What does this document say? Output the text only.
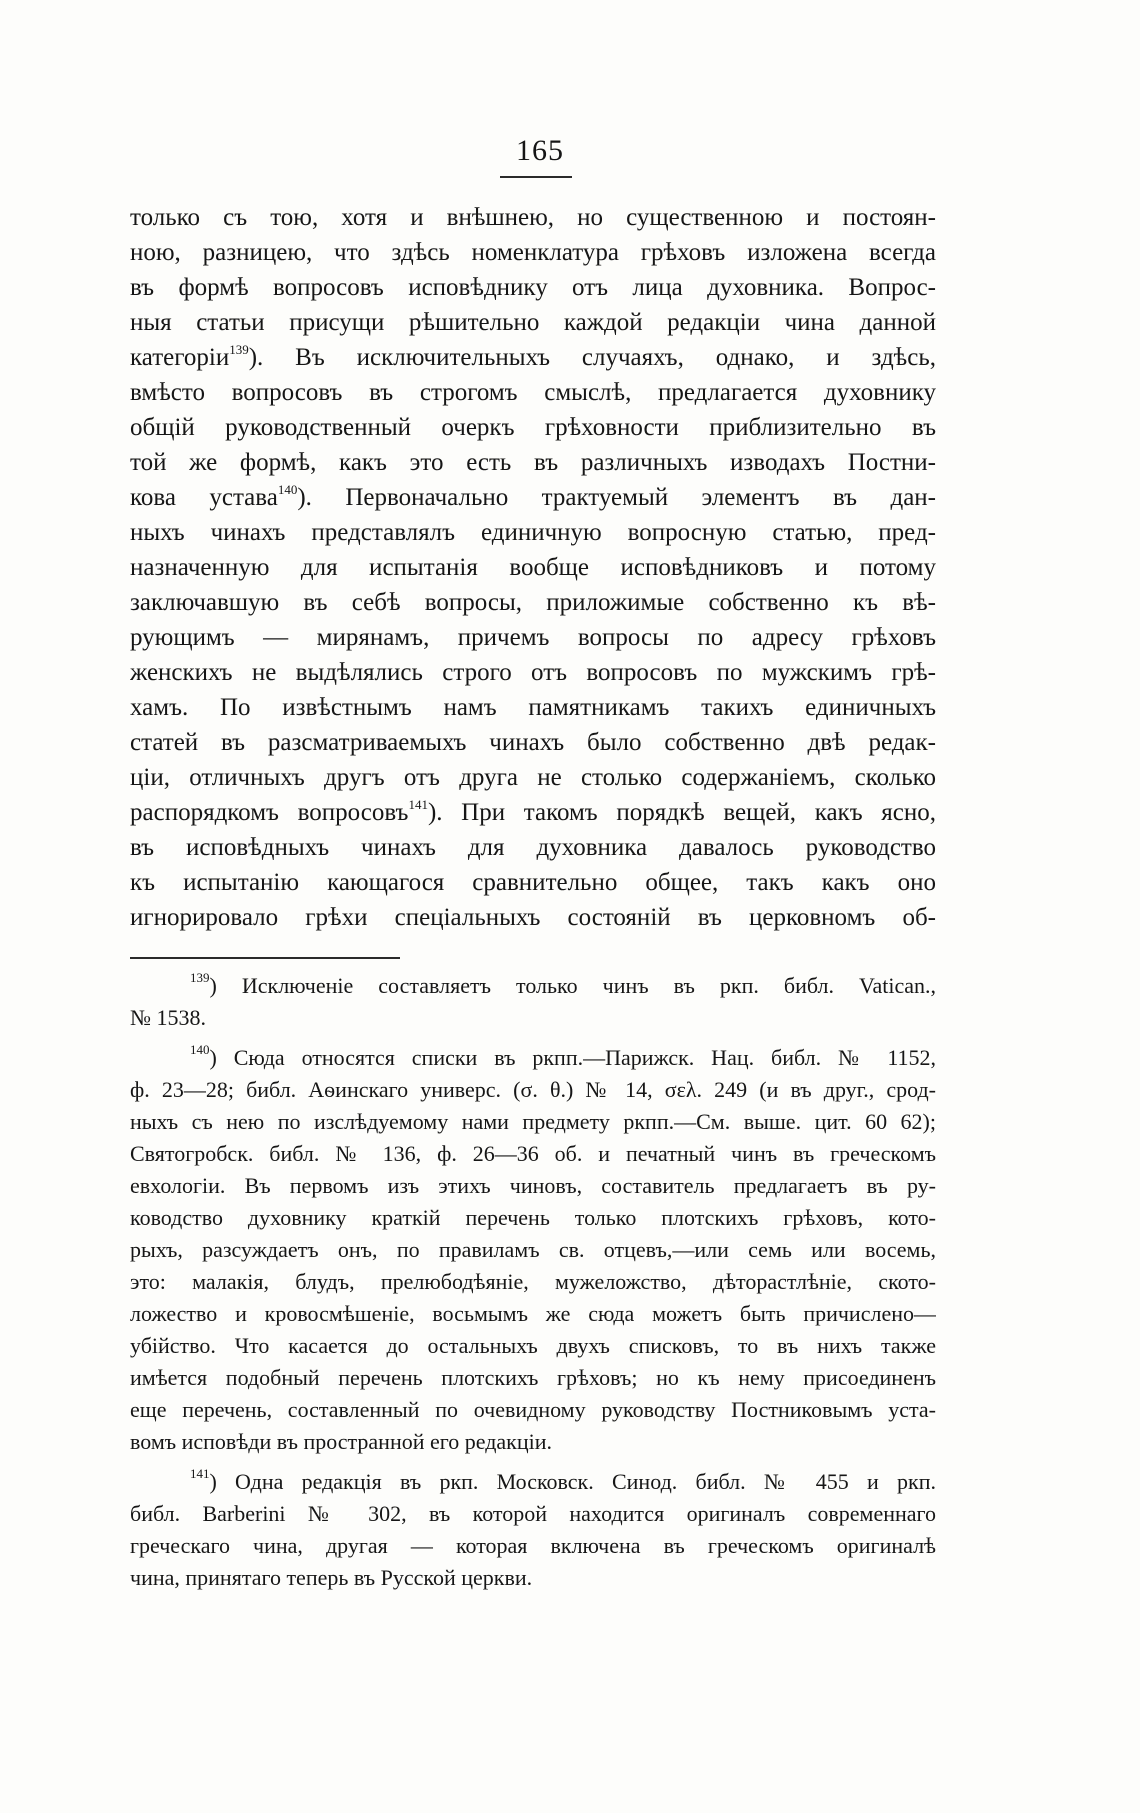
165
только съ тою, хотя и внѣшнею, но существенною и постоян-
ною, разницею, что здѣсь номенклатура грѣховъ изложена всегда
въ формѣ вопросовъ исповѣднику отъ лица духовника. Вопрос-
ныя статьи присущи рѣшительно каждой редакціи чина данной
категоріи$^{139}$). Въ исключительныхъ случаяхъ, однако, и здѣсь,
вмѣсто вопросовъ въ строгомъ смыслѣ, предлагается духовнику
общій руководственный очеркъ грѣховности приблизительно въ
той же формѣ, какъ это есть въ различныхъ изводахъ Постни-
кова устава$^{140}$). Первоначально трактуемый элементъ въ дан-
ныхъ чинахъ представлялъ единичную вопросную статью, пред-
назначенную для испытанія вообще исповѣдниковъ и потому
заключавшую въ себѣ вопросы, приложимые собственно къ вѣ-
рующимъ — мирянамъ, причемъ вопросы по адресу грѣховъ
женскихъ не выдѣлялись строго отъ вопросовъ по мужскимъ грѣ-
хамъ. По извѣстнымъ намъ памятникамъ такихъ единичныхъ
статей въ разсматриваемыхъ чинахъ было собственно двѣ редак-
ціи, отличныхъ другъ отъ друга не столько содержаніемъ, сколько
распорядкомъ вопросовъ$^{141}$). При такомъ порядкѣ вещей, какъ ясно,
въ исповѣдныхъ чинахъ для духовника давалось руководство
къ испытанію кающагося сравнительно общее, такъ какъ оно
игнорировало грѣхи спеціальныхъ состояній въ церковномъ об-
$^{139}$) Исключеніе составляетъ только чинъ въ ркп. библ. Vatican.,
№ 1538.
$^{140}$) Сюда относятся списки въ ркпп.—Парижск. Нац. библ. № 1152,
ф. 23—28; библ. Аѳинскаго универс. (σ. θ.) № 14, σελ. 249 (и въ друг., срод-
ныхъ съ нею по изслѣдуемому нами предмету ркпп.—См. выше. цит. 60 62);
Святогробск. библ. № 136, ф. 26—36 об. и печатный чинъ въ греческомъ
евхологіи. Въ первомъ изъ этихъ чиновъ, составитель предлагаетъ въ ру-
ководство духовнику краткій перечень только плотскихъ грѣховъ, кото-
рыхъ, разсуждаетъ онъ, по правиламъ св. отцевъ,—или семь или восемь,
это: малакія, блудъ, прелюбодѣяніе, мужеложство, дѣторастлѣніе, ското-
ложество и кровосмѣшеніе, восьмымъ же сюда можетъ быть причислено—
убійство. Что касается до остальныхъ двухъ списковъ, то въ нихъ также
имѣется подобный перечень плотскихъ грѣховъ; но къ нему присоединенъ
еще перечень, составленный по очевидному руководству Постниковымъ уста-
вомъ исповѣди въ пространной его редакціи.
$^{141}$) Одна редакція въ ркп. Московск. Синод. библ. № 455 и ркп.
библ. Barberini № 302, въ которой находится оригиналъ современнаго
греческаго чина, другая — которая включена въ греческомъ оригиналѣ
чина, принятаго теперь въ Русской церкви.
